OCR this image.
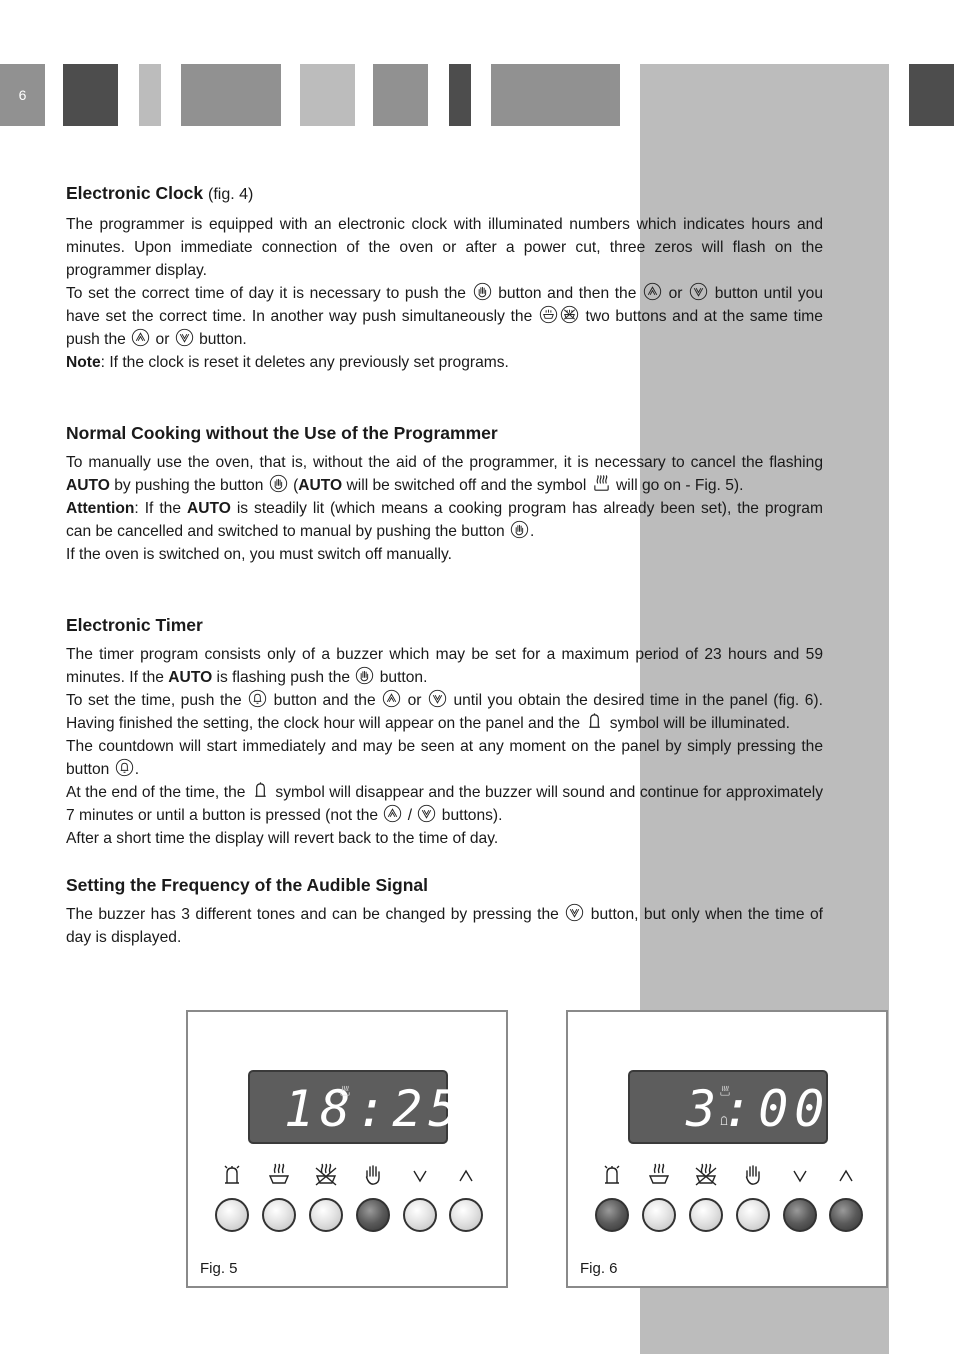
6
Electronic Clock (fig. 4)

The programmer is equipped with an electronic clock with illuminated numbers which indicates hours and minutes. Upon immediate connection of the oven or after a power cut, three zeros will flash on the programmer display.

To set the correct time of day it is necessary to push the button and then the or button until you have set the correct time. In another way push simultaneously the	two buttons and at the same time push the or button.

Note: If the clock is reset it deletes any previously set programs.

Normal Cooking without the Use of the Programmer

To manually use the oven, that is, without the aid of the programmer, it is necessary to cancel the flashing AUTO by pushing the button (AUTO will be switched off and the symbol will go on - Fig. 5).
Attention: If the AUTO is steadily lit (which means a cooking program has already been set), the program can be cancelled and switched to manual by pushing the button .

If the oven is switched on, you must switch off manually.

Electronic Timer

The timer program consists only of a buzzer which may be set for a maximum period of 23 hours and 59 minutes. If the AUTO is flashing push the button.

To set the time, push the button and the or until you obtain the desired time in the panel (fig. 6). Having finished the setting, the clock hour will appear on the panel and the symbol will be illuminated.

The countdown will start immediately and may be seen at any moment on the panel by simply pressing the button .

At the end of the time, the symbol will disappear and the buzzer will sound and continue for approximately 7 minutes or until a button is pressed (not the / buttons).

After a short time the display will revert back to the time of day.

Setting the Frequency of the Audible Signal

The buzzer has 3 different tones and can be changed by pressing the button, but only when the time of day is displayed.

18:25
Fig. 5
3:00
Fig. 6
